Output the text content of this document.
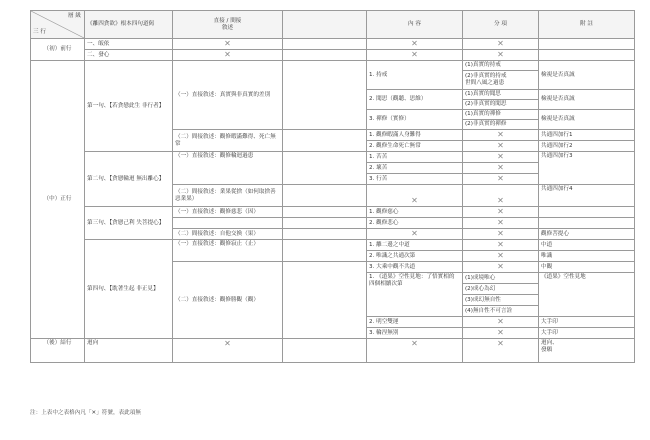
層 級
三 行	《離四貪欲》根本四句道偈	直接 / 間接
敘述		內 容	分 項	附 註
（初）前行	一、皈依	✕		✕	✕	
	二、發心	✕		✕	✕	
（中）正行	第一句、【若貪戀此生 非行者】	（一）直接敘述：真實與非真實的差別		1. 持戒	(1)真實的持戒	檢視是否真誠
					(2)非真實的持戒
世間八風之過患	

				2. 聞思（觀聽、思維）	(1)真實的聞思	檢視是否真誠
					(2)非真實的聞思	
				3. 禪修（實修）	(1)真實的禪修	檢視是否真誠
					(2)非真實的禪修	
		（二）間接敘述：觀修暇滿難得、死亡無常		1. 觀修暇滿人身難得	✕	共通四加行1
				2. 觀修生命死亡無常	✕	共通四加行2
	第二句、【貪戀輪迴 無出離心】	（一）直接敘述：觀修輪迴過患		1. 苦苦	✕	共通四加行3
				2. 壞苦	✕	
				3. 行苦	✕	
		（二）間接敘述：業果從捨（如何取捨善惡業果）		✕	✕	共通四加行4

	第三句、【貪戀己利 失菩提心】	（一）直接敘述：觀修慈悲（因）		1. 觀修慈心	✕	
				2. 觀修悲心	✕	

		（二）間接敘述：自他交換（果）		✕	✕	觀修菩提心
	第四句、【耽著生起 非正見】	（一）直接敘述：觀修寂止（止）		1. 離二邊之中道	✕	中道
				2. 唯識之共通次第	✕	唯識
		（二）直接敘述：觀修勝觀（觀）		3. 大乘中觀不共道	✕	中觀
				1. 《道果》空性見地：了悟實相的四個相續次第	(1)成境唯心	《道果》空性見地
					(2)成心為幻	
					(3)成幻無自性	
					(4)無自性不可言詮	
				2. 明空雙運	✕	大手印
				3. 輪涅無別	✕	大手印
（後）結行	迴向	✕		✕	✕	迴向、
發願
注：上表中之表格內凡「✕」符號，表此項無
